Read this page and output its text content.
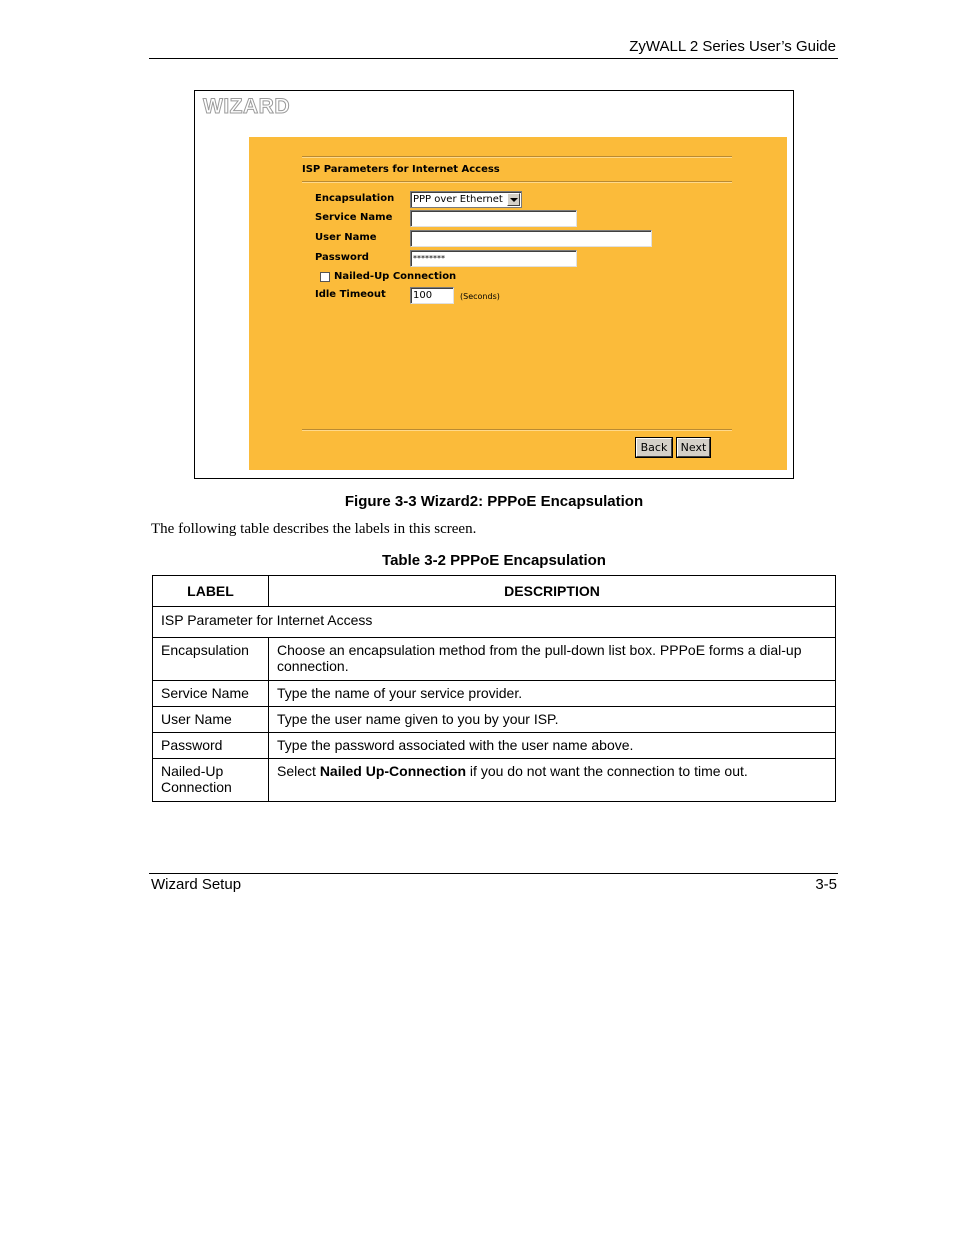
ZyWALL 2 Series User’s Guide
WIZARD
ISP Parameters for Internet Access
Encapsulation	PPP over Ethernet
Service Name
User Name
Password	********
Nailed-Up Connection
Idle Timeout	100	(Seconds)
Back	Next
Figure 3-3 Wizard2: PPPoE Encapsulation
The following table describes the labels in this screen.
Table 3-2 PPPoE Encapsulation
LABEL	DESCRIPTION

ISP Parameter for Internet Access	

Encapsulation	Choose an encapsulation method from the pull-down list box. PPPoE forms a dial-up connection.

Service Name	Type the name of your service provider.

User Name	Type the user name given to you by your ISP.

Password	Type the password associated with the user name above.

Nailed-Up Connection	Select Nailed Up-Connection if you do not want the connection to time out.
Wizard Setup	3-5
